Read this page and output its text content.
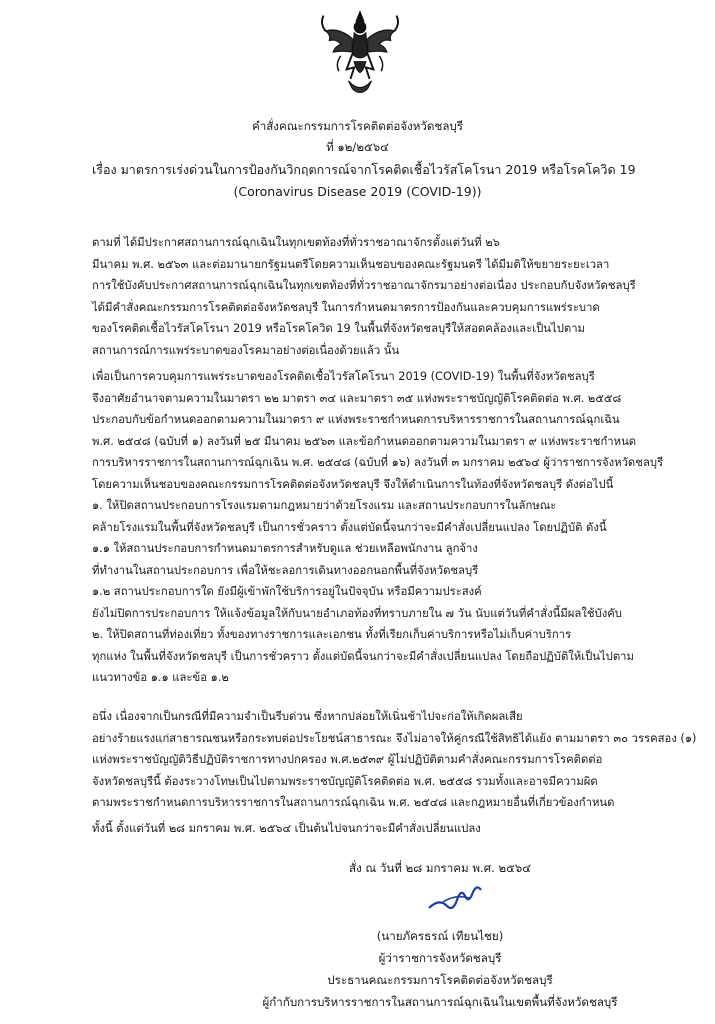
คำสั่งคณะกรรมการโรคติดต่อจังหวัดชลบุรี
ที่ ๑๒/๒๕๖๔
เรื่อง มาตรการเร่งด่วนในการป้องกันวิกฤตการณ์จากโรคติดเชื้อไวรัสโคโรนา 2019 หรือโรคโควิด 19
(Coronavirus Disease 2019 (COVID-19))
ตามที่ ได้มีประกาศสถานการณ์ฉุกเฉินในทุกเขตท้องที่ทั่วราชอาณาจักรตั้งแต่วันที่ ๒๖
มีนาคม พ.ศ. ๒๕๖๓ และต่อมานายกรัฐมนตรีโดยความเห็นชอบของคณะรัฐมนตรี ได้มีมติให้ขยายระยะเวลา
การใช้บังคับประกาศสถานการณ์ฉุกเฉินในทุกเขตท้องที่ทั่วราชอาณาจักรมาอย่างต่อเนื่อง ประกอบกับจังหวัดชลบุรี
ได้มีคำสั่งคณะกรรมการโรคติดต่อจังหวัดชลบุรี ในการกำหนดมาตรการป้องกันและควบคุมการแพร่ระบาด
ของโรคติดเชื้อไวรัสโคโรนา 2019 หรือโรคโควิด 19 ในพื้นที่จังหวัดชลบุรีให้สอดคล้องและเป็นไปตาม
สถานการณ์การแพร่ระบาดของโรคมาอย่างต่อเนื่องด้วยแล้ว นั้น
เพื่อเป็นการควบคุมการแพร่ระบาดของโรคติดเชื้อไวรัสโคโรนา 2019 (COVID-19) ในพื้นที่จังหวัดชลบุรี
จึงอาศัยอำนาจตามความในมาตรา ๒๒ มาตรา ๓๔ และมาตรา ๓๕ แห่งพระราชบัญญัติโรคติดต่อ พ.ศ. ๒๕๕๘
ประกอบกับข้อกำหนดออกตามความในมาตรา ๙ แห่งพระราชกำหนดการบริหารราชการในสถานการณ์ฉุกเฉิน
พ.ศ. ๒๕๔๘ (ฉบับที่ ๑) ลงวันที่ ๒๕ มีนาคม ๒๕๖๓ และข้อกำหนดออกตามความในมาตรา ๙ แห่งพระราชกำหนด
การบริหารราชการในสถานการณ์ฉุกเฉิน พ.ศ. ๒๕๔๘ (ฉบับที่ ๑๖) ลงวันที่ ๓ มกราคม ๒๕๖๔ ผู้ว่าราชการจังหวัดชลบุรี
โดยความเห็นชอบของคณะกรรมการโรคติดต่อจังหวัดชลบุรี จึงให้ดำเนินการในท้องที่จังหวัดชลบุรี ดังต่อไปนี้
๑. ให้ปิดสถานประกอบการโรงแรมตามกฎหมายว่าด้วยโรงแรม และสถานประกอบการในลักษณะ
คล้ายโรงแรมในพื้นที่จังหวัดชลบุรี เป็นการชั่วคราว ตั้งแต่บัดนี้จนกว่าจะมีคำสั่งเปลี่ยนแปลง โดยปฏิบัติ ดังนี้
๑.๑ ให้สถานประกอบการกำหนดมาตรการสำหรับดูแล ช่วยเหลือพนักงาน ลูกจ้าง
ที่ทำงานในสถานประกอบการ เพื่อให้ชะลอการเดินทางออกนอกพื้นที่จังหวัดชลบุรี
๑.๒ สถานประกอบการใด ยังมีผู้เข้าพักใช้บริการอยู่ในปัจจุบัน หรือมีความประสงค์
ยังไม่ปิดการประกอบการ ให้แจ้งข้อมูลให้กับนายอำเภอท้องที่ทราบภายใน ๗ วัน นับแต่วันที่คำสั่งนี้มีผลใช้บังคับ
๒. ให้ปิดสถานที่ท่องเที่ยว ทั้งของทางราชการและเอกชน ทั้งที่เรียกเก็บค่าบริการหรือไม่เก็บค่าบริการ
ทุกแห่ง ในพื้นที่จังหวัดชลบุรี เป็นการชั่วคราว ตั้งแต่บัดนี้จนกว่าจะมีคำสั่งเปลี่ยนแปลง โดยถือปฏิบัติให้เป็นไปตาม
แนวทางข้อ ๑.๑ และข้อ ๑.๒
อนึ่ง เนื่องจากเป็นกรณีที่มีความจำเป็นรีบด่วน ซึ่งหากปล่อยให้เนิ่นช้าไปจะก่อให้เกิดผลเสีย
อย่างร้ายแรงแก่สาธารณชนหรือกระทบต่อประโยชน์สาธารณะ จึงไม่อาจให้คู่กรณีใช้สิทธิได้แย้ง ตามมาตรา ๓๐ วรรคสอง (๑)
แห่งพระราชบัญญัติวิธีปฏิบัติราชการทางปกครอง พ.ศ.๒๕๓๙ ผู้ไม่ปฏิบัติตามคำสั่งคณะกรรมการโรคติดต่อ
จังหวัดชลบุรีนี้ ต้องระวางโทษเป็นไปตามพระราชบัญญัติโรคติดต่อ พ.ศ. ๒๕๕๘ รวมทั้งและอาจมีความผิด
ตามพระราชกำหนดการบริหารราชการในสถานการณ์ฉุกเฉิน พ.ศ. ๒๕๔๘ และกฎหมายอื่นที่เกี่ยวข้องกำหนด
ทั้งนี้ ตั้งแต่วันที่ ๒๘ มกราคม พ.ศ. ๒๕๖๔ เป็นต้นไปจนกว่าจะมีคำสั่งเปลี่ยนแปลง
สั่ง ณ วันที่ ๒๘ มกราคม พ.ศ. ๒๕๖๔
(นายภัครธรณ์ เทียนไชย)
ผู้ว่าราชการจังหวัดชลบุรี
ประธานคณะกรรมการโรคติดต่อจังหวัดชลบุรี
ผู้กำกับการบริหารราชการในสถานการณ์ฉุกเฉินในเขตพื้นที่จังหวัดชลบุรี
